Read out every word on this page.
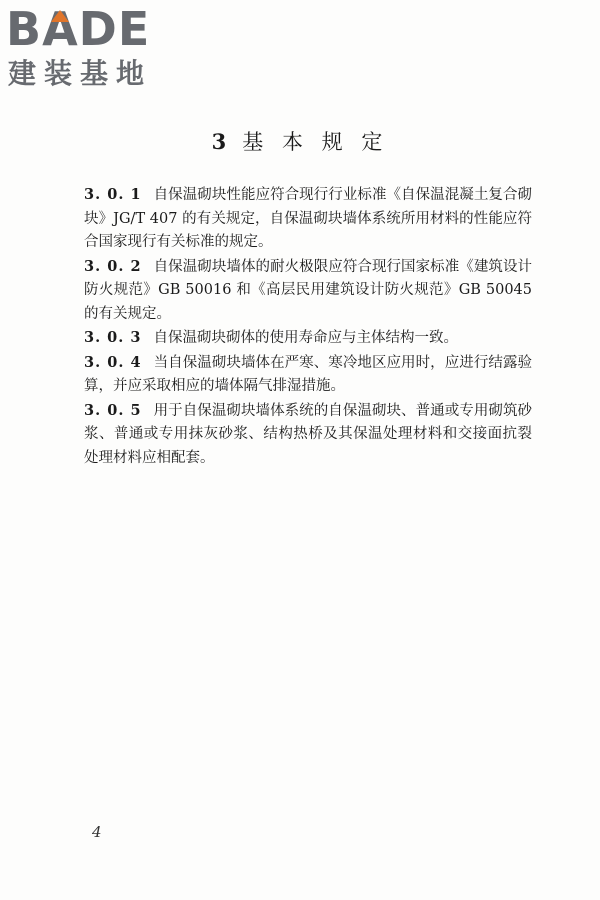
BA
DE
建装基地
3 基 本 规 定

3. 0. 1 自保温砌块性能应符合现行行业标准《自保温混凝土复合砌块》JG/T 407 的有关规定，自保温砌块墙体系统所用材料的性能应符合国家现行有关标准的规定。

3. 0. 2 自保温砌块墙体的耐火极限应符合现行国家标准《建筑设计防火规范》GB 50016 和《高层民用建筑设计防火规范》GB 50045 的有关规定。

3. 0. 3 自保温砌块砌体的使用寿命应与主体结构一致。

3. 0. 4 当自保温砌块墙体在严寒、寒冷地区应用时，应进行结露验算，并应采取相应的墙体隔气排湿措施。

3. 0. 5 用于自保温砌块墙体系统的自保温砌块、普通或专用砌筑砂浆、普通或专用抹灰砂浆、结构热桥及其保温处理材料和交接面抗裂处理材料应相配套。

4
